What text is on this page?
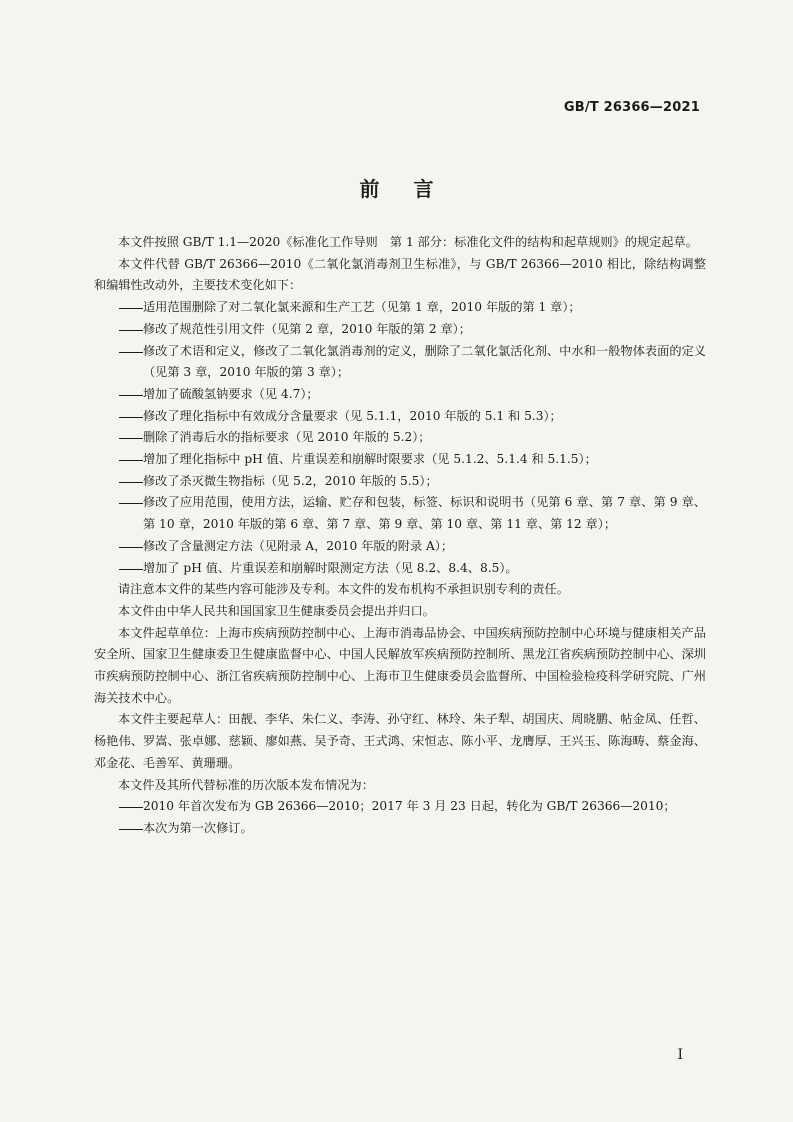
GB/T 26366—2021
前言

本文件按照 GB/T 1.1—2020《标准化工作导则　第 1 部分：标准化文件的结构和起草规则》的规定起草。

本文件代替 GB/T 26366—2010《二氧化氯消毒剂卫生标准》，与 GB/T 26366—2010 相比，除结构调整和编辑性改动外，主要技术变化如下：

适用范围删除了对二氧化氯来源和生产工艺（见第 1 章，2010 年版的第 1 章）；

修改了规范性引用文件（见第 2 章，2010 年版的第 2 章）；

修改了术语和定义，修改了二氧化氯消毒剂的定义，删除了二氧化氯活化剂、中水和一般物体表面的定义（见第 3 章，2010 年版的第 3 章）；

增加了硫酸氢钠要求（见 4.7）；

修改了理化指标中有效成分含量要求（见 5.1.1，2010 年版的 5.1 和 5.3）；

删除了消毒后水的指标要求（见 2010 年版的 5.2）；

增加了理化指标中 pH 值、片重误差和崩解时限要求（见 5.1.2、5.1.4 和 5.1.5）；

修改了杀灭微生物指标（见 5.2，2010 年版的 5.5）；

修改了应用范围，使用方法，运输、贮存和包装，标签、标识和说明书（见第 6 章、第 7 章、第 9 章、第 10 章，2010 年版的第 6 章、第 7 章、第 9 章、第 10 章、第 11 章、第 12 章）；

修改了含量测定方法（见附录 A，2010 年版的附录 A）；

增加了 pH 值、片重误差和崩解时限测定方法（见 8.2、8.4、8.5）。

请注意本文件的某些内容可能涉及专利。本文件的发布机构不承担识别专利的责任。

本文件由中华人民共和国国家卫生健康委员会提出并归口。

本文件起草单位：上海市疾病预防控制中心、上海市消毒品协会、中国疾病预防控制中心环境与健康相关产品安全所、国家卫生健康委卫生健康监督中心、中国人民解放军疾病预防控制所、黑龙江省疾病预防控制中心、深圳市疾病预防控制中心、浙江省疾病预防控制中心、上海市卫生健康委员会监督所、中国检验检疫科学研究院、广州海关技术中心。

本文件主要起草人：田靓、李华、朱仁义、李涛、孙守红、林玲、朱子犁、胡国庆、周晓鹏、帖金凤、任哲、杨艳伟、罗嵩、张卓娜、慈颖、廖如燕、吴予奇、王式鸿、宋恒志、陈小平、龙膺厚、王兴玉、陈海畴、蔡金海、邓金花、毛善军、黄珊珊。

本文件及其所代替标准的历次版本发布情况为：

2010 年首次发布为 GB 26366—2010；2017 年 3 月 23 日起，转化为 GB/T 26366—2010；

本次为第一次修订。

I
